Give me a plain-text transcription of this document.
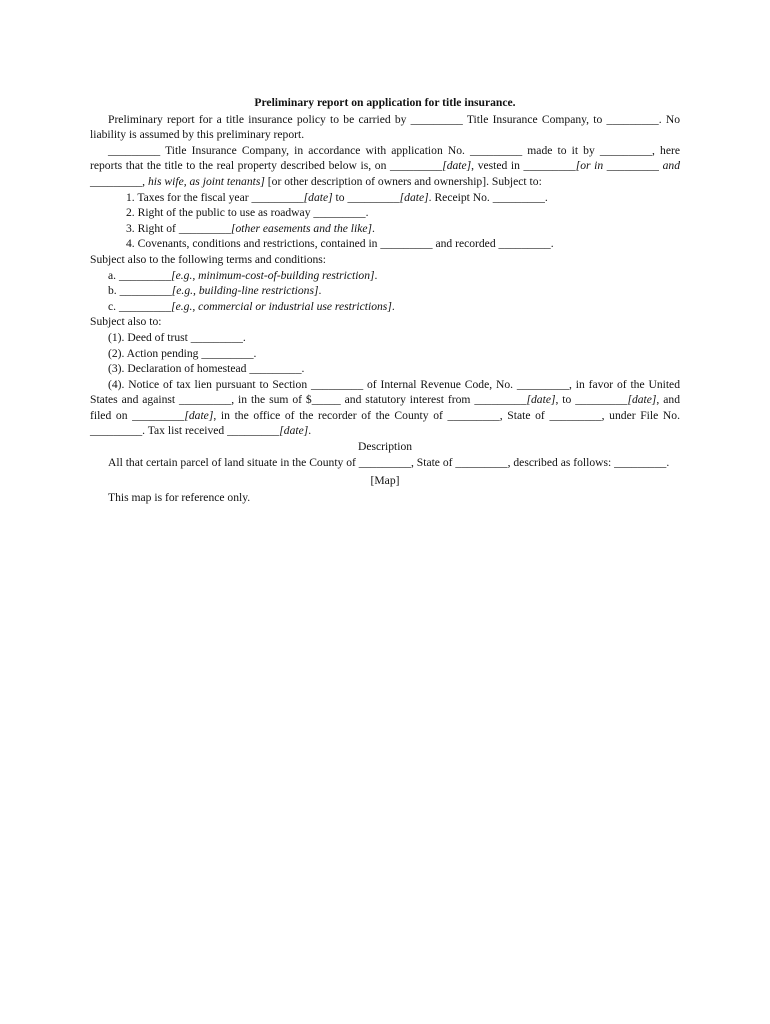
Preliminary report on application for title insurance.

Preliminary report for a title insurance policy to be carried by _________ Title Insurance Company, to _________. No liability is assumed by this preliminary report.

_________ Title Insurance Company, in accordance with application No. _________ made to it by _________, here reports that the title to the real property described below is, on _________[date], vested in _________[or in _________ and _________, his wife, as joint tenants] [or other description of owners and ownership]. Subject to:

1. Taxes for the fiscal year _________[date] to _________[date]. Receipt No. _________.

2. Right of the public to use as roadway _________.

3. Right of _________[other easements and the like].

4. Covenants, conditions and restrictions, contained in _________ and recorded _________.

Subject also to the following terms and conditions:

a. _________[e.g., minimum-cost-of-building restriction].

b. _________[e.g., building-line restrictions].

c. _________[e.g., commercial or industrial use restrictions].

Subject also to:

(1). Deed of trust _________.

(2). Action pending _________.

(3). Declaration of homestead _________.

(4). Notice of tax lien pursuant to Section _________ of Internal Revenue Code, No. _________, in favor of the United States and against _________, in the sum of $_____ and statutory interest from _________[date], to _________[date], and filed on _________[date], in the office of the recorder of the County of _________, State of _________, under File No. _________. Tax list received _________[date].

Description

All that certain parcel of land situate in the County of _________, State of _________, described as follows: _________.

[Map]

This map is for reference only.
